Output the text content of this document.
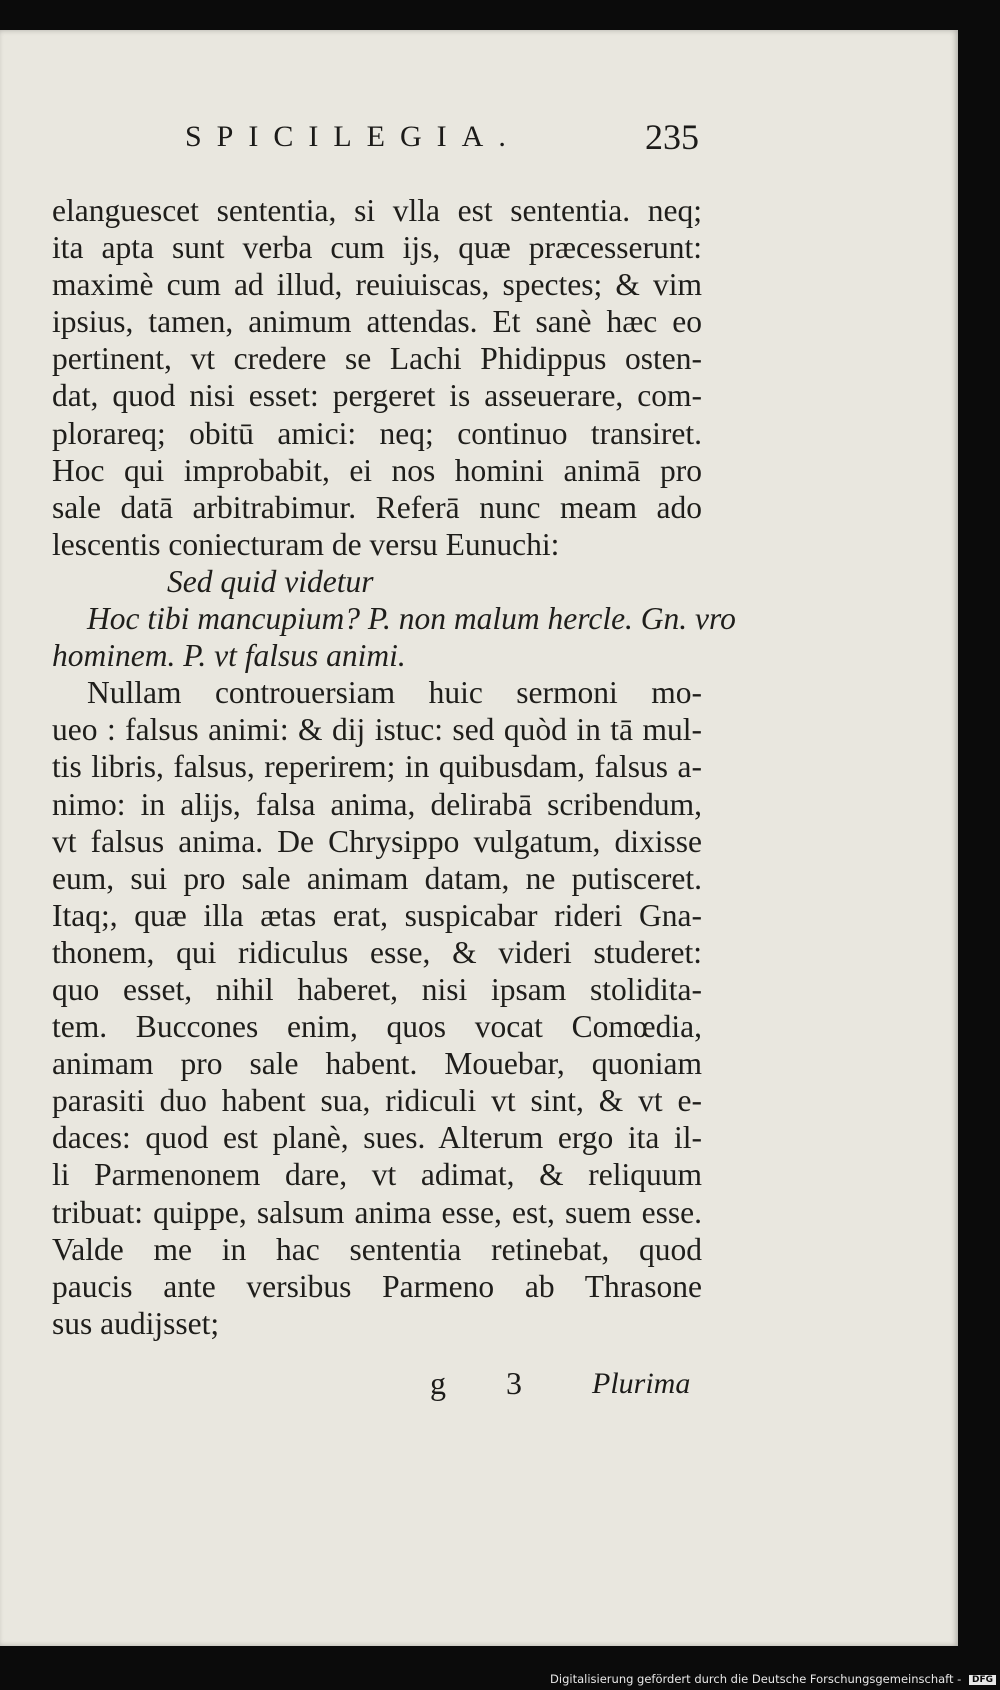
SPICILEGIA.	235
elanguescet sententia, si vlla est sententia. neq;
ita apta sunt verba cum ijs, quæ præcesserunt:
maximè cum ad illud, reuiuiscas, spectes; & vim
ipsius, tamen, animum attendas. Et sanè hæc eo
pertinent, vt credere se Lachi Phidippus osten-
dat, quod nisi esset: pergeret is asseuerare, com-
plorareq; obitū amici: neq; continuo transiret.
Hoc qui improbabit, ei nos homini animā pro
sale datā arbitrabimur. Referā nunc meam ado
lescentis coniecturam de versu Eunuchi:
Sed quid videtur
Hoc tibi mancupium? P. non malum hercle. Gn. vro
hominem. P. vt falsus animi.
Nullam controuersiam huic sermoni mo-
ueo : falsus animi: & dij istuc: sed quòd in tā mul-
tis libris, falsus, reperirem; in quibusdam, falsus a-
nimo: in alijs, falsa anima, delirabā scribendum,
vt falsus anima. De Chrysippo vulgatum, dixisse
eum, sui pro sale animam datam, ne putisceret.
Itaq;, quæ illa ætas erat, suspicabar rideri Gna-
thonem, qui ridiculus esse, & videri studeret:
quo esset, nihil haberet, nisi ipsam stolidita-
tem. Buccones enim, quos vocat Comœdia,
animam pro sale habent. Mouebar, quoniam
parasiti duo habent sua, ridiculi vt sint, & vt e-
daces: quod est planè, sues. Alterum ergo ita il-
li Parmenonem dare, vt adimat, & reliquum
tribuat: quippe, salsum anima esse, est, suem esse.
Valde me in hac sententia retinebat, quod
paucis ante versibus Parmeno ab Thrasone
sus audijsset;
g 3 Plurima
Digitalisierung gefördert durch die Deutsche Forschungsgemeinschaft - DFG
